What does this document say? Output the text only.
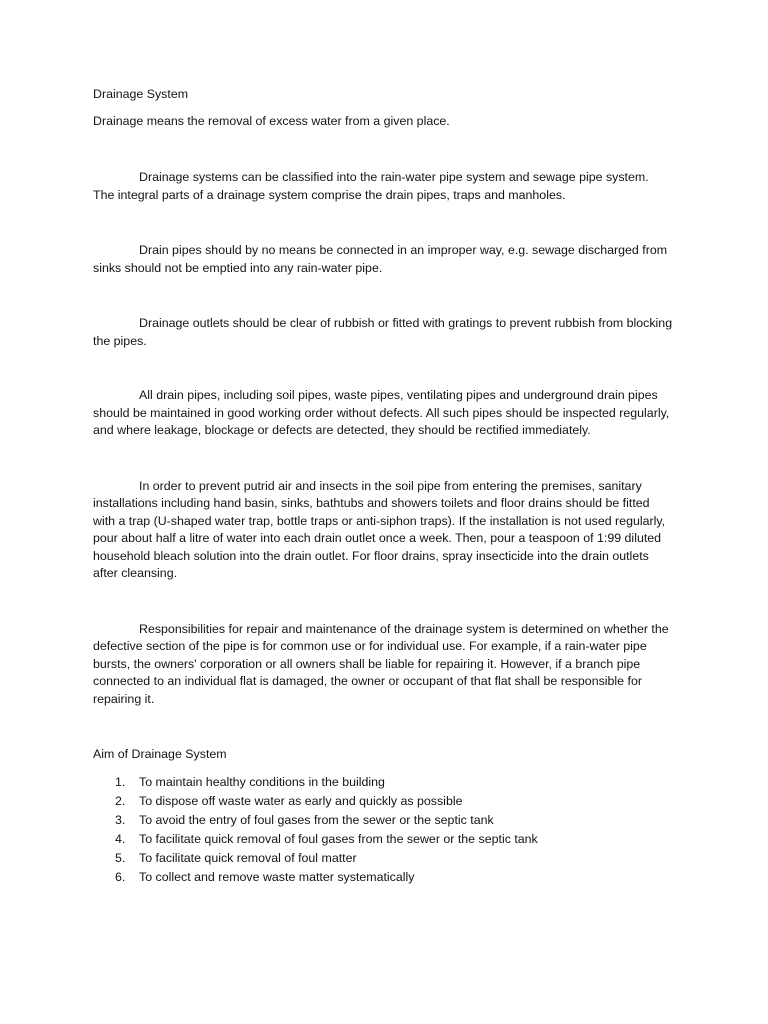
Drainage System

Drainage means the removal of excess water from a given place.

Drainage systems can be classified into the rain-water pipe system and sewage pipe system. The integral parts of a drainage system comprise the drain pipes, traps and manholes.

Drain pipes should by no means be connected in an improper way, e.g. sewage discharged from sinks should not be emptied into any rain-water pipe.

Drainage outlets should be clear of rubbish or fitted with gratings to prevent rubbish from blocking the pipes.

All drain pipes, including soil pipes, waste pipes, ventilating pipes and underground drain pipes should be maintained in good working order without defects. All such pipes should be inspected regularly, and where leakage, blockage or defects are detected, they should be rectified immediately.

In order to prevent putrid air and insects in the soil pipe from entering the premises, sanitary installations including hand basin, sinks, bathtubs and showers toilets and floor drains should be fitted with a trap (U-shaped water trap, bottle traps or anti-siphon traps). If the installation is not used regularly, pour about half a litre of water into each drain outlet once a week. Then, pour a teaspoon of 1:99 diluted household bleach solution into the drain outlet. For floor drains, spray insecticide into the drain outlets after cleansing.

Responsibilities for repair and maintenance of the drainage system is determined on whether the defective section of the pipe is for common use or for individual use. For example, if a rain-water pipe bursts, the owners' corporation or all owners shall be liable for repairing it. However, if a branch pipe connected to an individual flat is damaged, the owner or occupant of that flat shall be responsible for repairing it.

Aim of Drainage System

1. To maintain healthy conditions in the building
2. To dispose off waste water as early and quickly as possible
3. To avoid the entry of foul gases from the sewer or the septic tank
4. To facilitate quick removal of foul gases from the sewer or the septic tank
5. To facilitate quick removal of foul matter
6. To collect and remove waste matter systematically
